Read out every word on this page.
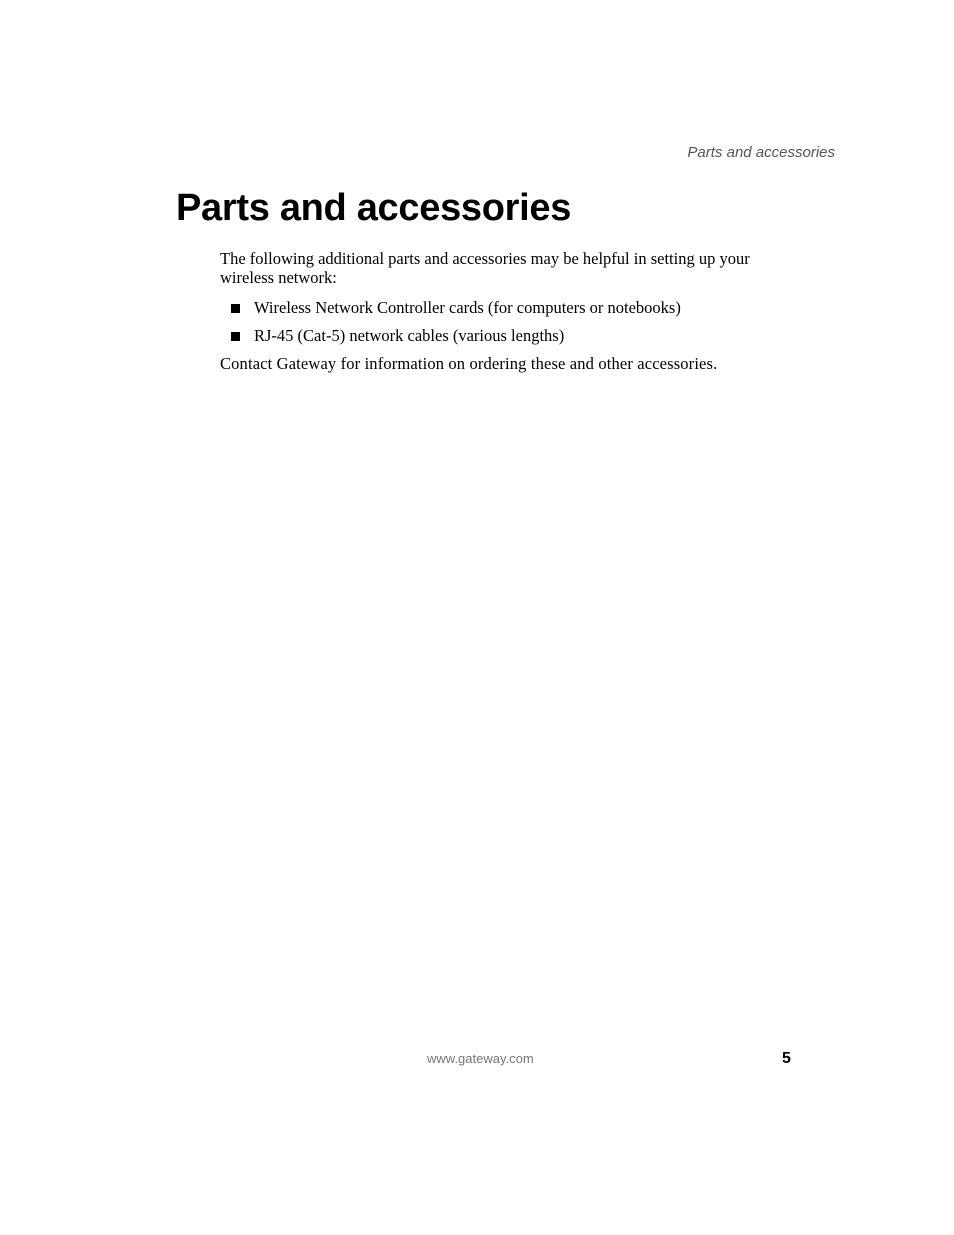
Parts and accessories
Parts and accessories

The following additional parts and accessories may be helpful in setting up your wireless network:

Wireless Network Controller cards (for computers or notebooks)
RJ-45 (Cat-5) network cables (various lengths)

Contact Gateway for information on ordering these and other accessories.

www.gateway.com	5
